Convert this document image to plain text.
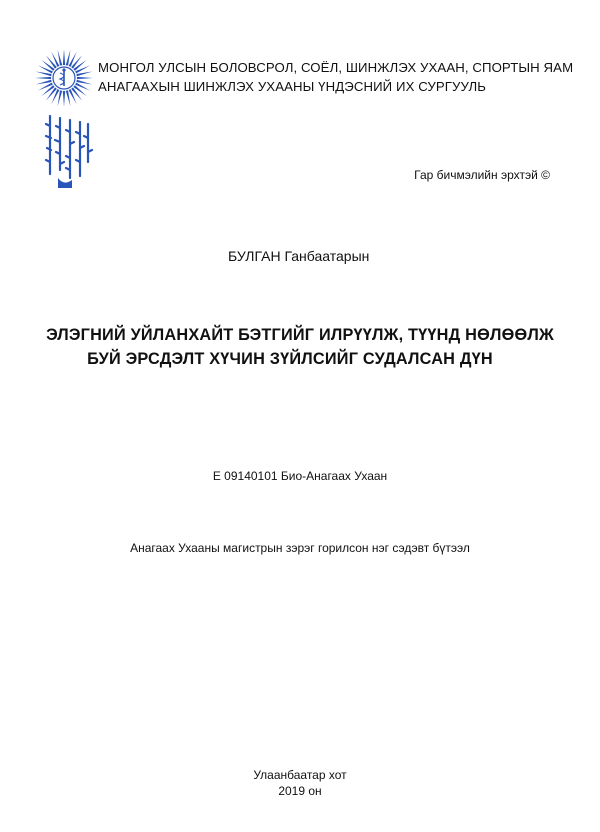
МОНГОЛ УЛСЫН БОЛОВСРОЛ, СОЁЛ, ШИНЖЛЭХ УХААН, СПОРТЫН ЯАМ
АНАГААХЫН ШИНЖЛЭХ УХААНЫ ҮНДЭСНИЙ ИХ СУРГУУЛЬ
Гар бичмэлийн эрхтэй ©
БУЛГАН Ганбаатарын
ЭЛЭГНИЙ УЙЛАНХАЙТ БЭТГИЙГ ИЛРҮҮЛЖ, ТҮҮНД НӨЛӨӨЛЖ
БУЙ ЭРСДЭЛТ ХҮЧИН ЗҮЙЛСИЙГ СУДАЛСАН ДҮН
E 09140101 Био-Анагаах Ухаан
Анагаах Ухааны магистрын зэрэг горилсон нэг сэдэвт бүтээл
Улаанбаатар хот
2019 он
